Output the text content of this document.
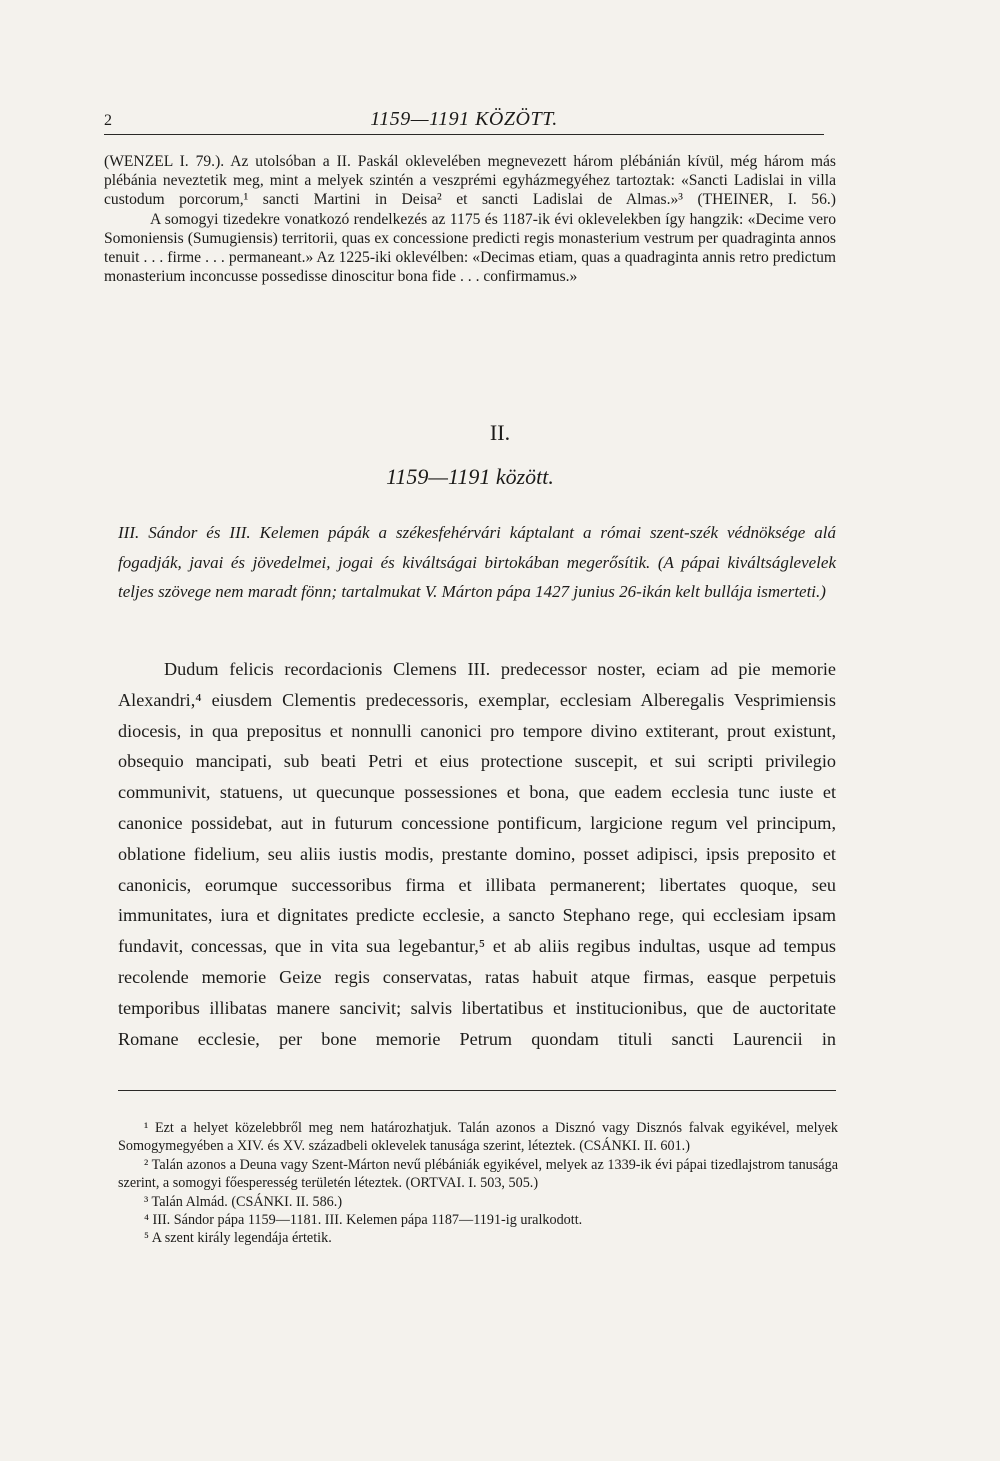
2	1159—1191 KÖZÖTT.

(WENZEL I. 79.). Az utolsóban a II. Paskál oklevelében megnevezett három plébánián kívül, még három más plébánia neveztetik meg, mint a melyek szintén a veszprémi egyházmegyéhez tartoztak: «Sancti Ladislai in villa custodum porcorum,¹ sancti Martini in Deisa² et sancti Ladislai de Almas.»³ (THEINER, I. 56.)

A somogyi tizedekre vonatkozó rendelkezés az 1175 és 1187-ik évi oklevelekben így hangzik: «Decime vero Somoniensis (Sumugiensis) territorii, quas ex concessione predicti regis monasterium vestrum per quadraginta annos tenuit . . . firme . . . permaneant.» Az 1225-iki oklevélben: «Decimas etiam, quas a quadraginta annis retro predictum monasterium inconcusse possedisse dinoscitur bona fide . . . confirmamus.»

II.
1159—1191 között.

III. Sándor és III. Kelemen pápák a székesfehérvári káptalant a római szent-szék védnöksége alá fogadják, javai és jövedelmei, jogai és kiváltságai birtokában megerősítik. (A pápai kiváltságlevelek teljes szövege nem maradt fönn; tartalmukat V. Márton pápa 1427 junius 26-ikán kelt bullája ismerteti.)

Dudum felicis recordacionis Clemens III. predecessor noster, eciam ad pie memorie Alexandri,⁴ eiusdem Clementis predecessoris, exemplar, ecclesiam Alberegalis Vesprimiensis diocesis, in qua prepositus et nonnulli canonici pro tempore divino extiterant, prout existunt, obsequio mancipati, sub beati Petri et eius protectione suscepit, et sui scripti privilegio communivit, statuens, ut quecunque possessiones et bona, que eadem ecclesia tunc iuste et canonice possidebat, aut in futurum concessione pontificum, largicione regum vel principum, oblatione fidelium, seu aliis iustis modis, prestante domino, posset adipisci, ipsis preposito et canonicis, eorumque successoribus firma et illibata permanerent; libertates quoque, seu immunitates, iura et dignitates predicte ecclesie, a sancto Stephano rege, qui ecclesiam ipsam fundavit, concessas, que in vita sua legebantur,⁵ et ab aliis regibus indultas, usque ad tempus recolende memorie Geize regis conservatas, ratas habuit atque firmas, easque perpetuis temporibus illibatas manere sancivit; salvis libertatibus et institucionibus, que de auctoritate Romane ecclesie, per bone memorie Petrum quondam tituli sancti Laurencii in

¹ Ezt a helyet közelebbről meg nem határozhatjuk. Talán azonos a Disznó vagy Disznós falvak egyikével, melyek Somogymegyében a XIV. és XV. századbeli oklevelek tanusága szerint, léteztek. (CSÁNKI. II. 601.)

² Talán azonos a Deuna vagy Szent-Márton nevű plébániák egyikével, melyek az 1339-ik évi pápai tizedlajstrom tanusága szerint, a somogyi főesperesség területén léteztek. (ORTVAI. I. 503, 505.)

³ Talán Almád. (CSÁNKI. II. 586.)

⁴ III. Sándor pápa 1159—1181. III. Kelemen pápa 1187—1191-ig uralkodott.

⁵ A szent király legendája értetik.
